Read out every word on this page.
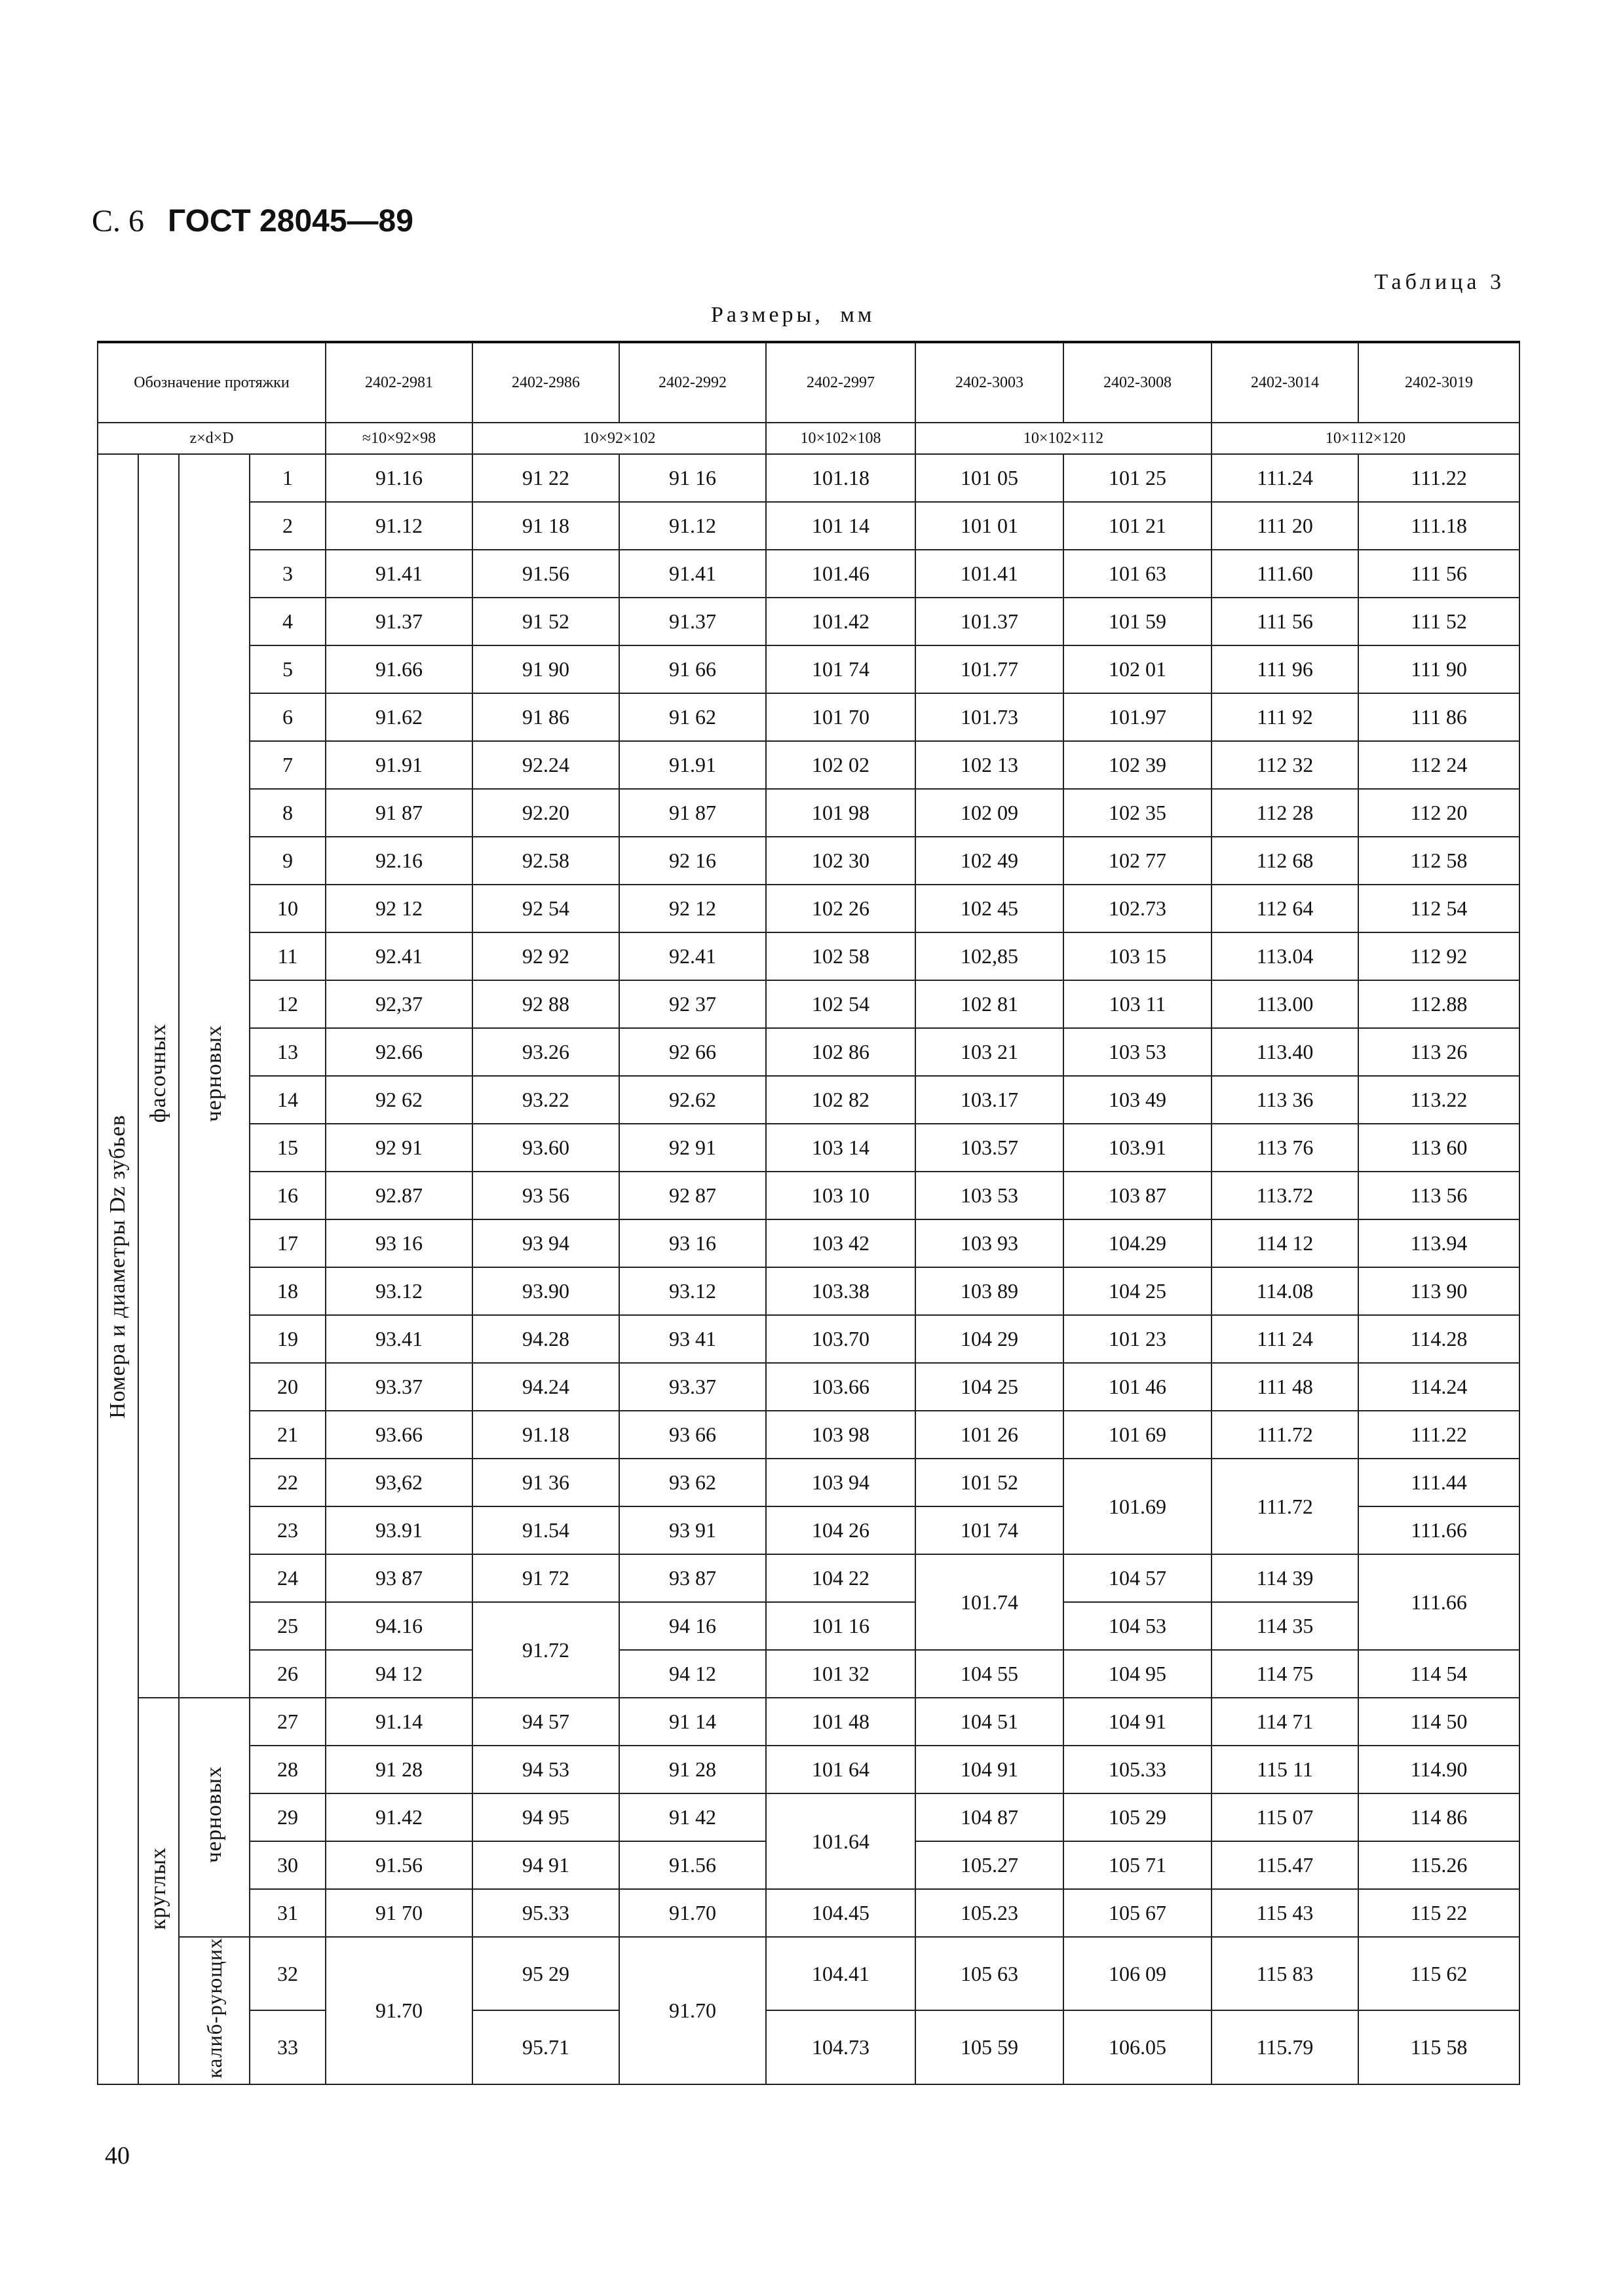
С. 6 ГОСТ 28045—89
Таблица 3
Размеры, мм
Обозначение протяжки				2402-2981	2402-2986	2402-2992	2402-2997	2402-3003	2402-3008	2402-3014	2402-3019
z×d×D				≈10×92×98	10×92×102		10×102×108	10×102×112		10×112×120	
Номера и диаметры Dz зубьев	фасочных	черновых	1	91.16	91 22	91 16	101.18	101 05	101 25	111.24	111.22
			2	91.12	91 18	91.12	101 14	101 01	101 21	111 20	111.18
			3	91.41	91.56	91.41	101.46	101.41	101 63	111.60	111 56
			4	91.37	91 52	91.37	101.42	101.37	101 59	111 56	111 52
			5	91.66	91 90	91 66	101 74	101.77	102 01	111 96	111 90
			6	91.62	91 86	91 62	101 70	101.73	101.97	111 92	111 86
			7	91.91	92.24	91.91	102 02	102 13	102 39	112 32	112 24
			8	91 87	92.20	91 87	101 98	102 09	102 35	112 28	112 20
			9	92.16	92.58	92 16	102 30	102 49	102 77	112 68	112 58
			10	92 12	92 54	92 12	102 26	102 45	102.73	112 64	112 54
			11	92.41	92 92	92.41	102 58	102,85	103 15	113.04	112 92
			12	92,37	92 88	92 37	102 54	102 81	103 11	113.00	112.88
			13	92.66	93.26	92 66	102 86	103 21	103 53	113.40	113 26
			14	92 62	93.22	92.62	102 82	103.17	103 49	113 36	113.22
			15	92 91	93.60	92 91	103 14	103.57	103.91	113 76	113 60
			16	92.87	93 56	92 87	103 10	103 53	103 87	113.72	113 56
			17	93 16	93 94	93 16	103 42	103 93	104.29	114 12	113.94
			18	93.12	93.90	93.12	103.38	103 89	104 25	114.08	113 90
			19	93.41	94.28	93 41	103.70	104 29	101 23	111 24	114.28
			20	93.37	94.24	93.37	103.66	104 25	101 46	111 48	114.24
			21	93.66	91.18	93 66	103 98	101 26	101 69	111.72	111.22
			22	93,62	91 36	93 62	103 94	101 52	101.69	111.72	111.44
			23	93.91	91.54	93 91	104 26	101 74			111.66
			24	93 87	91 72	93 87	104 22	101.74	104 57	114 39	111.66
			25	94.16	91.72	94 16	101 16		104 53	114 35	
			26	94 12		94 12	101 32	104 55	104 95	114 75	114 54
	круглых	черновых	27	91.14	94 57	91 14	101 48	104 51	104 91	114 71	114 50
			28	91 28	94 53	91 28	101 64	104 91	105.33	115 11	114.90
			29	91.42	94 95	91 42	101.64	104 87	105 29	115 07	114 86
			30	91.56	94 91	91.56		105.27	105 71	115.47	115.26
			31	91 70	95.33	91.70	104.45	105.23	105 67	115 43	115 22
		калиб-рующих	32	91.70	95 29	91.70	104.41	105 63	106 09	115 83	115 62
			33		95.71		104.73	105 59	106.05	115.79	115 58
40
